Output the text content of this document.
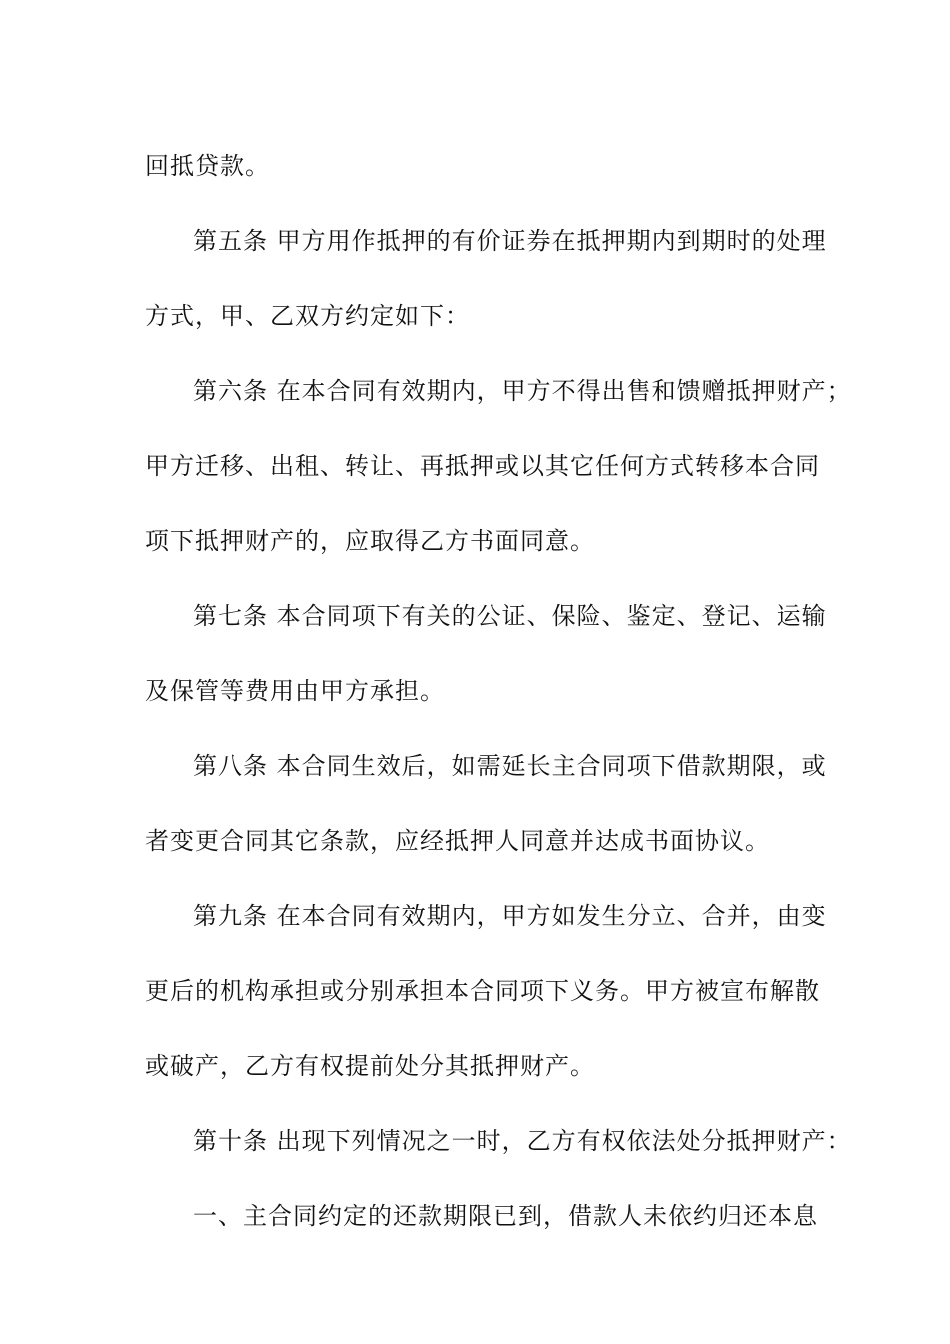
回抵贷款。
第五条 甲方用作抵押的有价证券在抵押期内到期时的处理
方式，甲、乙双方约定如下：
第六条 在本合同有效期内，甲方不得出售和馈赠抵押财产；
甲方迁移、出租、转让、再抵押或以其它任何方式转移本合同
项下抵押财产的，应取得乙方书面同意。
第七条 本合同项下有关的公证、保险、鉴定、登记、运输
及保管等费用由甲方承担。
第八条 本合同生效后，如需延长主合同项下借款期限，或
者变更合同其它条款，应经抵押人同意并达成书面协议。
第九条 在本合同有效期内，甲方如发生分立、合并，由变
更后的机构承担或分别承担本合同项下义务。甲方被宣布解散
或破产，乙方有权提前处分其抵押财产。
第十条 出现下列情况之一时，乙方有权依法处分抵押财产：
一、主合同约定的还款期限已到，借款人未依约归还本息
